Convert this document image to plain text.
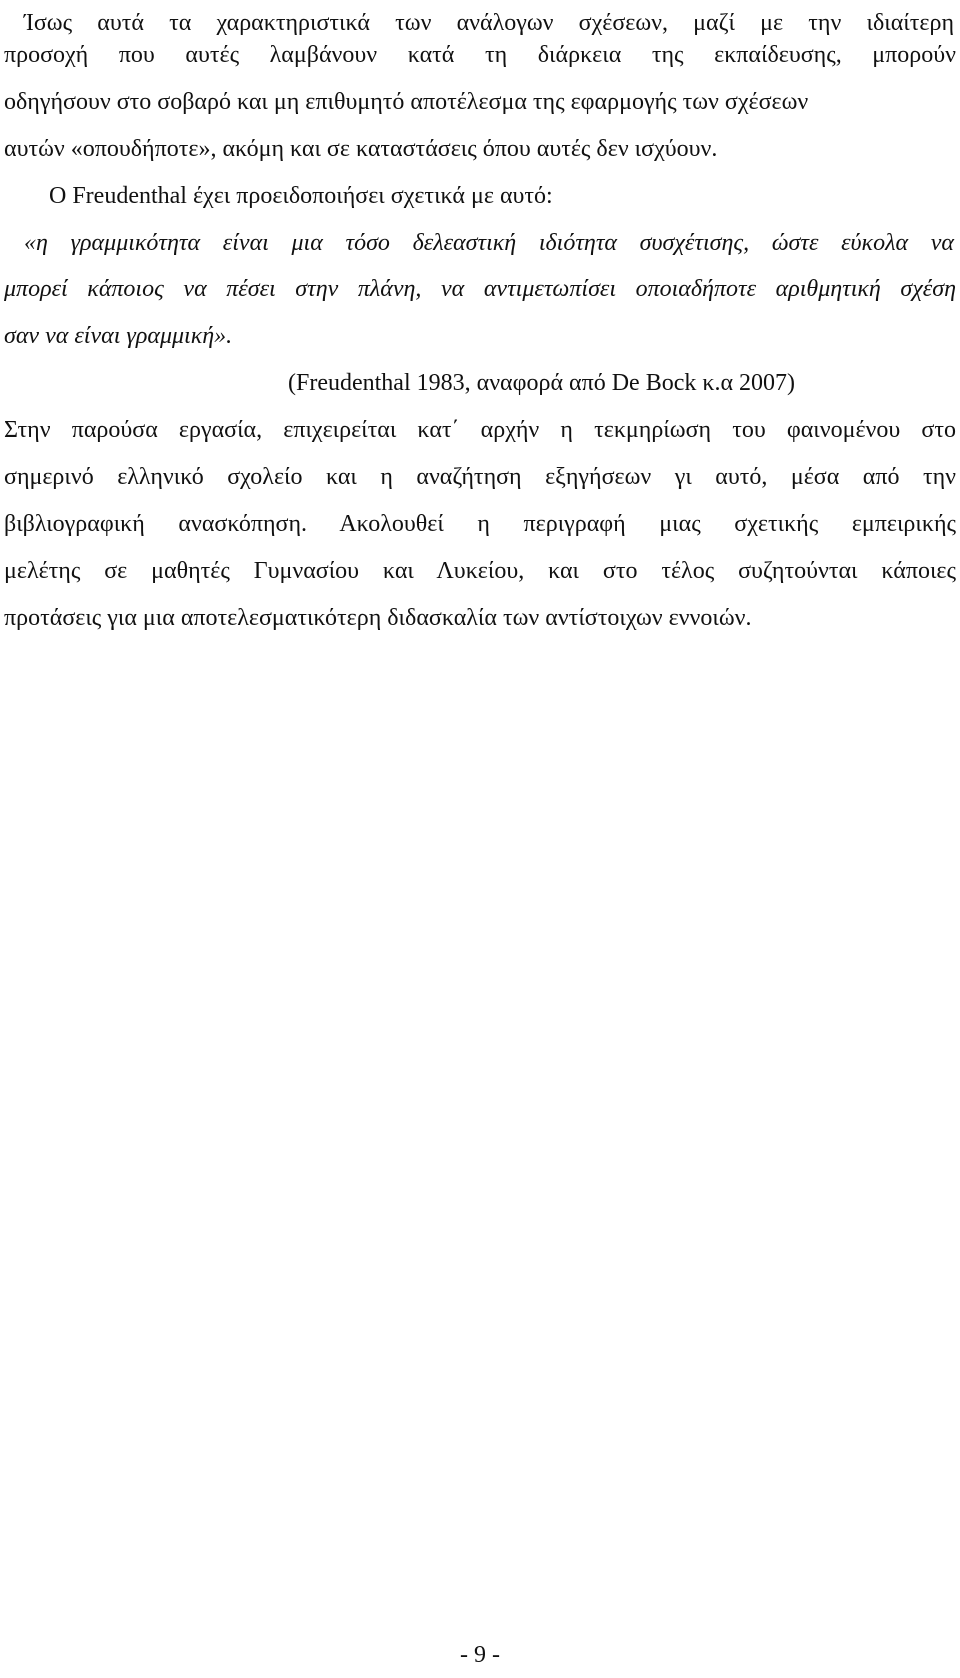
Ίσως αυτά τα χαρακτηριστικά των ανάλογων σχέσεων, μαζί με την ιδιαίτερη
προσοχή που αυτές λαμβάνουν κατά τη διάρκεια της εκπαίδευσης, μπορούν
οδηγήσουν στο σοβαρό και μη επιθυμητό αποτέλεσμα της εφαρμογής των σχέσεων
αυτών «οπουδήποτε», ακόμη και σε καταστάσεις όπου αυτές δεν ισχύουν.
Ο Freudenthal έχει προειδοποιήσει σχετικά με αυτό:
«η γραμμικότητα είναι μια τόσο δελεαστική ιδιότητα συσχέτισης, ώστε εύκολα να
μπορεί κάποιος να πέσει στην πλάνη, να αντιμετωπίσει οποιαδήποτε αριθμητική σχέση
σαν να είναι γραμμική».
(Freudenthal 1983, αναφορά από De Bock κ.α 2007)
Στην παρούσα εργασία, επιχειρείται κατ΄ αρχήν η τεκμηρίωση του φαινομένου στο
σημερινό ελληνικό σχολείο και η αναζήτηση εξηγήσεων γι αυτό, μέσα από την
βιβλιογραφική ανασκόπηση. Ακολουθεί η περιγραφή μιας σχετικής εμπειρικής
μελέτης σε μαθητές Γυμνασίου και Λυκείου, και στο τέλος συζητούνται κάποιες
προτάσεις για μια αποτελεσματικότερη διδασκαλία των αντίστοιχων εννοιών.
- 9 -
